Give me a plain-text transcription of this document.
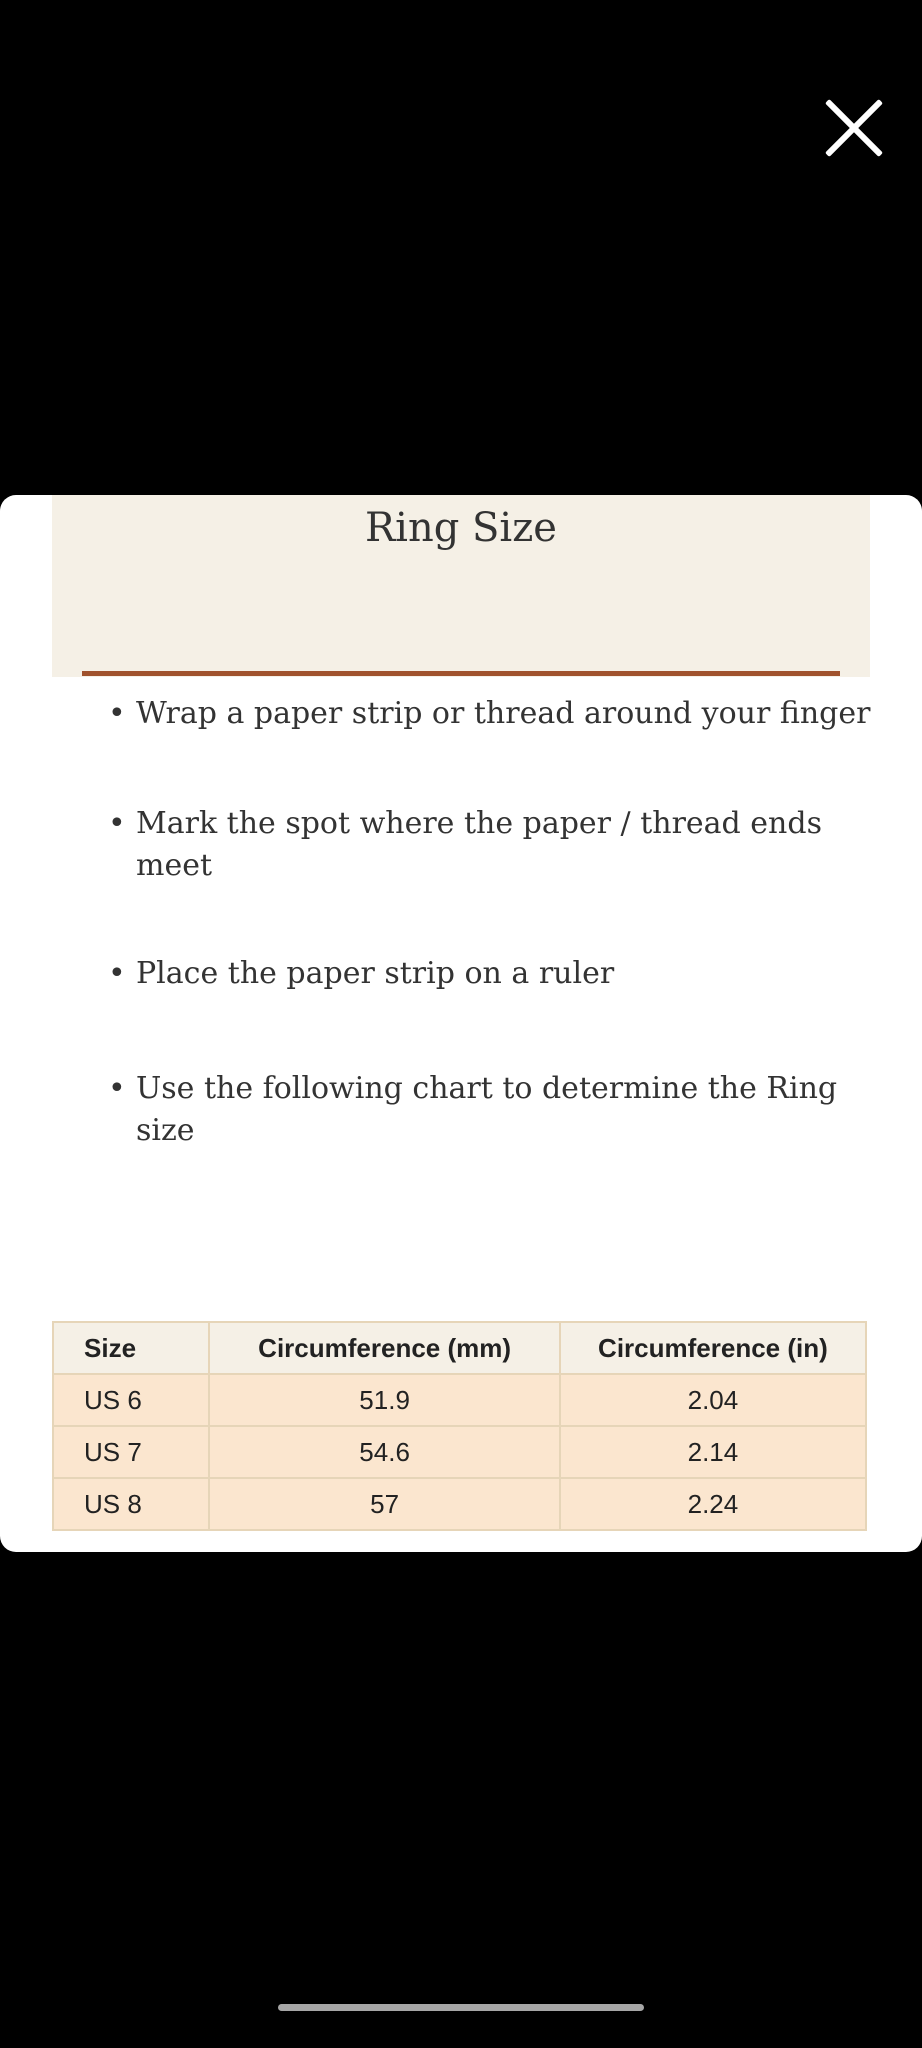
Ring Size
• Wrap a paper strip or thread around your finger
• Mark the spot where the paper / thread ends meet
• Place the paper strip on a ruler
• Use the following chart to determine the Ring size
Size	Circumference (mm)	Circumference (in)
US 6	51.9	2.04
US 7	54.6	2.14
US 8	57	2.24
